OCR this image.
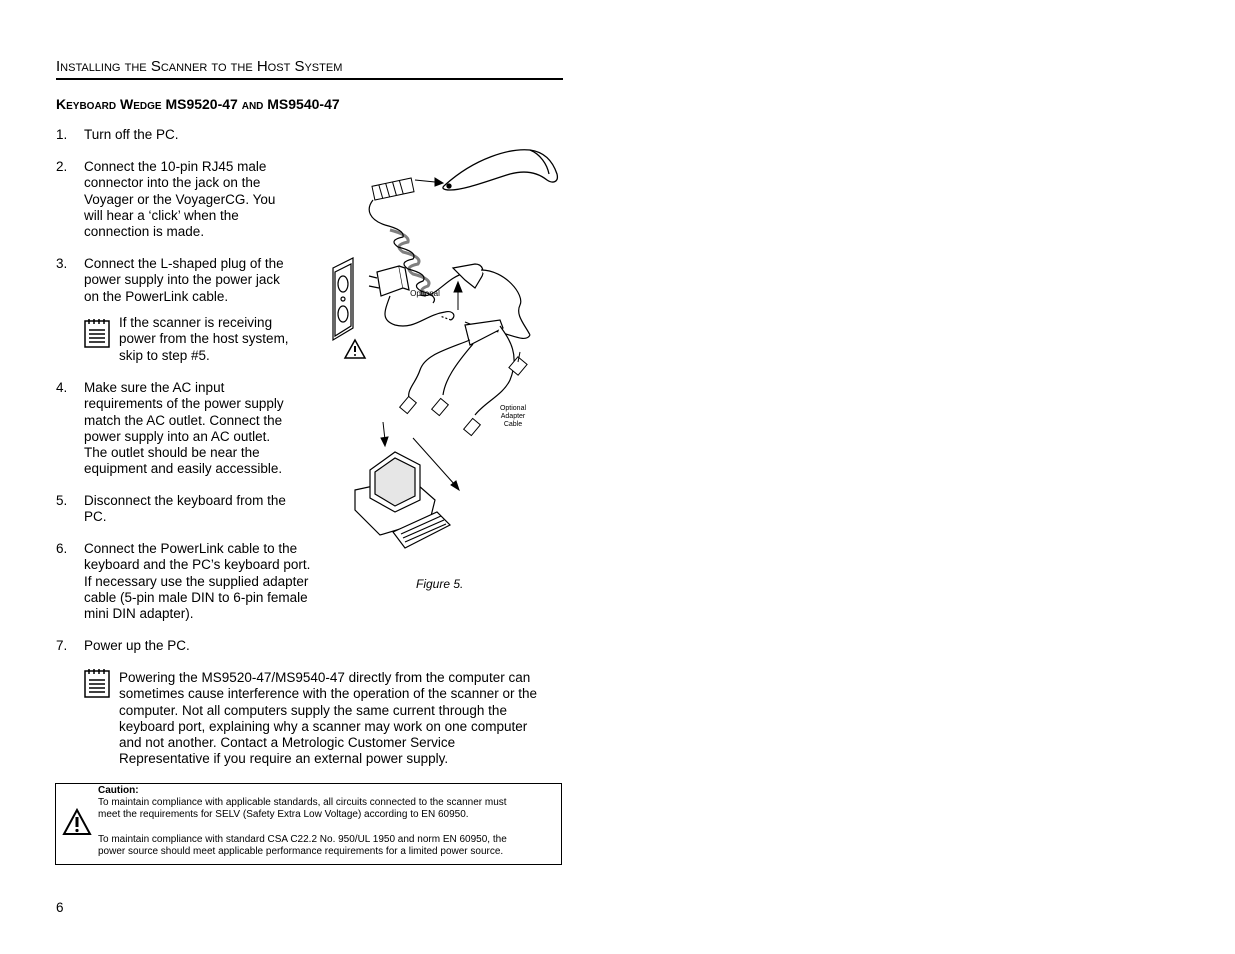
Installing the Scanner to the Host System
Keyboard Wedge MS9520-47 and MS9540-47
1.	Turn off the PC.
2.	Connect the 10-pin RJ45 male
connector into the jack on the
Voyager or the VoyagerCG. You
will hear a ‘click’ when the
connection is made.
3.	Connect the L-shaped plug of the
power supply into the power jack
on the PowerLink cable.
If the scanner is receiving
power from the host system,
skip to step #5.
4.	Make sure the AC input
requirements of the power supply
match the AC outlet. Connect the
power supply into an AC outlet.
The outlet should be near the
equipment and easily accessible.
5.	Disconnect the keyboard from the
PC.
6.	Connect the PowerLink cable to the
keyboard and the PC’s keyboard port.
If necessary use the supplied adapter
cable (5-pin male DIN to 6-pin female
mini DIN adapter).
7.	Power up the PC.
Powering the MS9520-47/MS9540-47 directly from the computer can
sometimes cause interference with the operation of the scanner or the
computer. Not all computers supply the same current through the
keyboard port, explaining why a scanner may work on one computer
and not another. Contact a Metrologic Customer Service
Representative if you require an external power supply.
Optional
Optional
Adapter
Cable
Figure 5.
Caution:
To maintain compliance with applicable standards, all circuits connected to the scanner must
meet the requirements for SELV (Safety Extra Low Voltage) according to EN 60950.
To maintain compliance with standard CSA C22.2 No. 950/UL 1950 and norm EN 60950, the
power source should meet applicable performance requirements for a limited power source.
6
